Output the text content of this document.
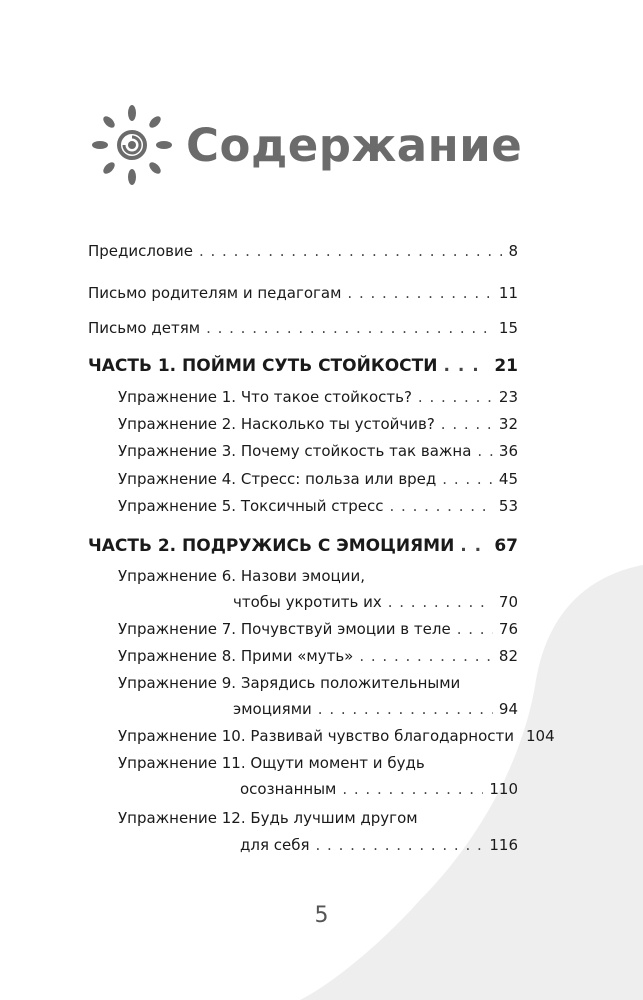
Содержание
Предисловие . . .	8
Письмо родителям и педагогам . . .	11
Письмо детям . . .	15
ЧАСТЬ 1. ПОЙМИ СУТЬ СТОЙКОСТИ . . .	21
Упражнение 1. Что такое стойкость? . . .	23
Упражнение 2. Насколько ты устойчив? . . .	32
Упражнение 3. Почему стойкость так важна . . . 36
Упражнение 4. Стресс: польза или вред . . .	45
Упражнение 5. Токсичный стресс . . .	53
ЧАСТЬ 2. ПОДРУЖИСЬ С ЭМОЦИЯМИ . . . 67
Упражнение 6. Назови эмоции,
чтобы укротить их . . .	70
Упражнение 7. Почувствуй эмоции в теле . . .	76
Упражнение 8. Прими «муть» . . .	82
Упражнение 9. Зарядись положительными
эмоциями . . .	94
Упражнение 10. Развивай чувство благодарности 104
Упражнение 11. Ощути момент и будь
осознанным . . .	110
Упражнение 12. Будь лучшим другом
для себя . . .	116
5
